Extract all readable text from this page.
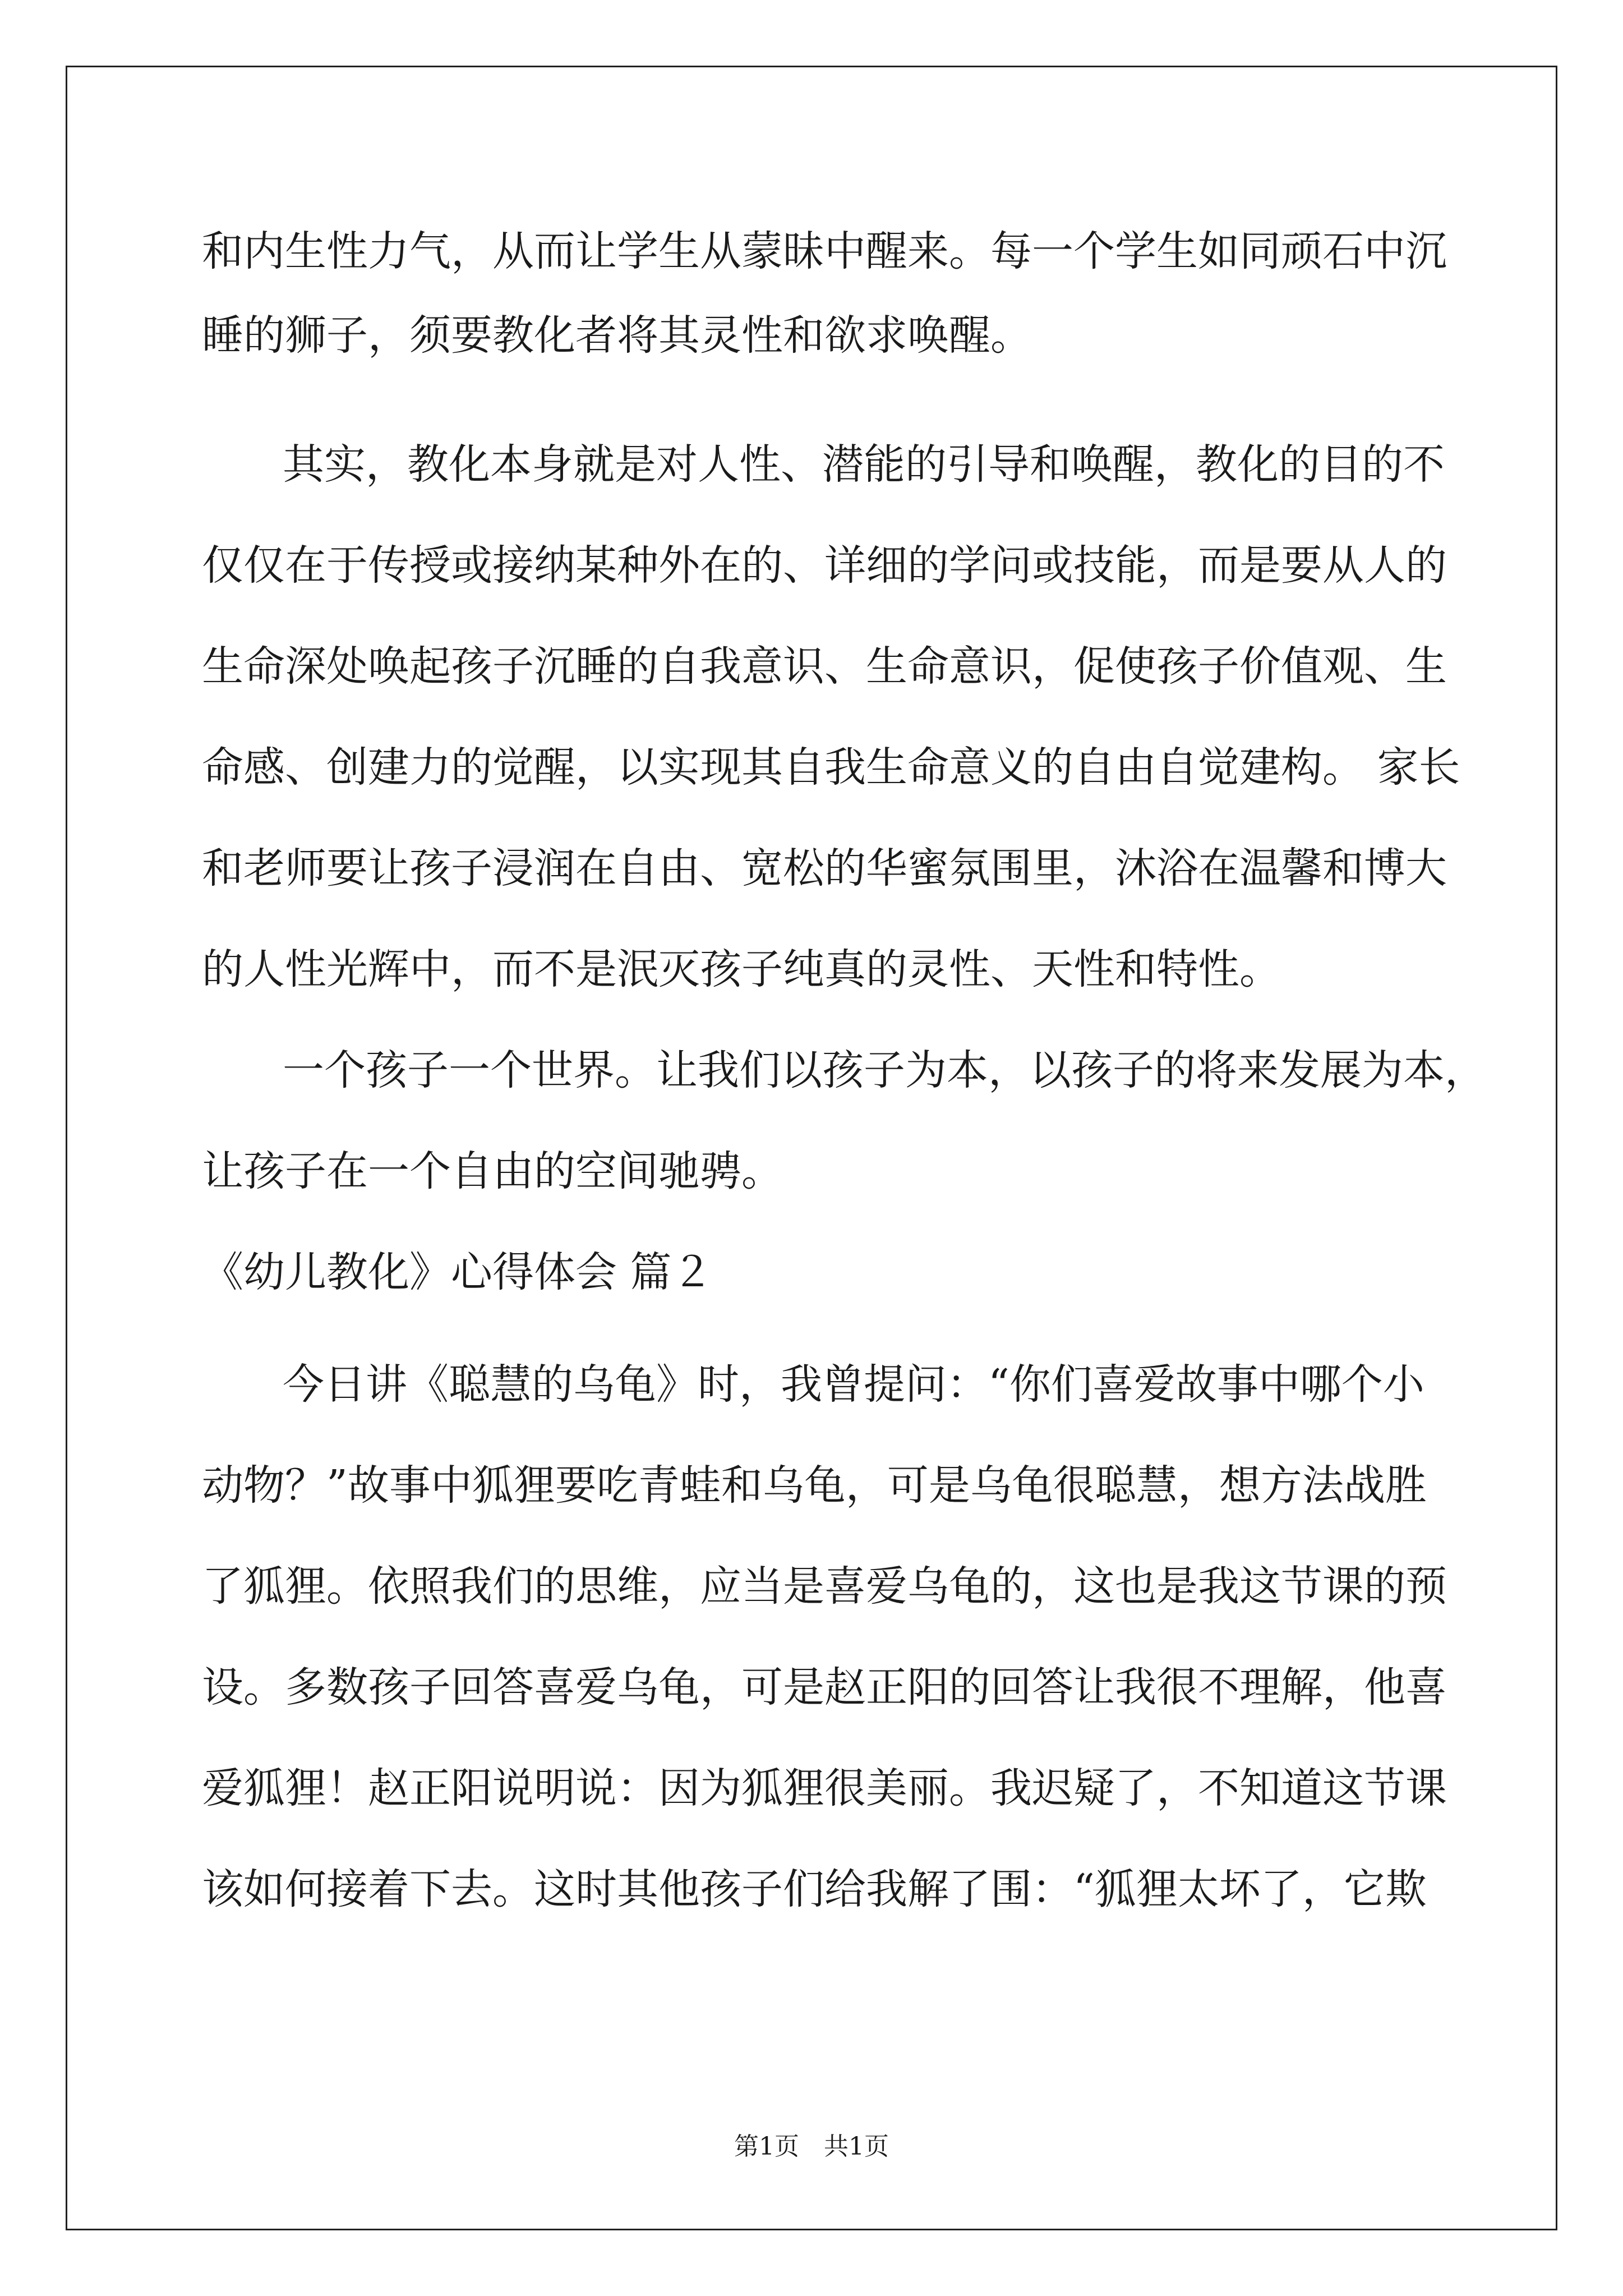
和内生性力气，从而让学生从蒙昧中醒来。每一个学生如同顽石中沉
睡的狮子，须要教化者将其灵性和欲求唤醒。
其实，教化本身就是对人性、潜能的引导和唤醒，教化的目的不
仅仅在于传授或接纳某种外在的、详细的学问或技能，而是要从人的
生命深处唤起孩子沉睡的自我意识、生命意识，促使孩子价值观、生
命感、创建力的觉醒，以实现其自我生命意义的自由自觉建构。 家长
和老师要让孩子浸润在自由、宽松的华蜜氛围里，沐浴在温馨和博大
的人性光辉中，而不是泯灭孩子纯真的灵性、天性和特性。
一个孩子一个世界。让我们以孩子为本，以孩子的将来发展为本，
让孩子在一个自由的空间驰骋。
《幼儿教化》心得体会 篇２
今日讲《聪慧的乌龟》时，我曾提问：“你们喜爱故事中哪个小
动物？”故事中狐狸要吃青蛙和乌龟，可是乌龟很聪慧，想方法战胜
了狐狸。依照我们的思维，应当是喜爱乌龟的，这也是我这节课的预
设。多数孩子回答喜爱乌龟，可是赵正阳的回答让我很不理解，他喜
爱狐狸！赵正阳说明说：因为狐狸很美丽。我迟疑了，不知道这节课
该如何接着下去。这时其他孩子们给我解了围：“狐狸太坏了，它欺
第1页　共1页
